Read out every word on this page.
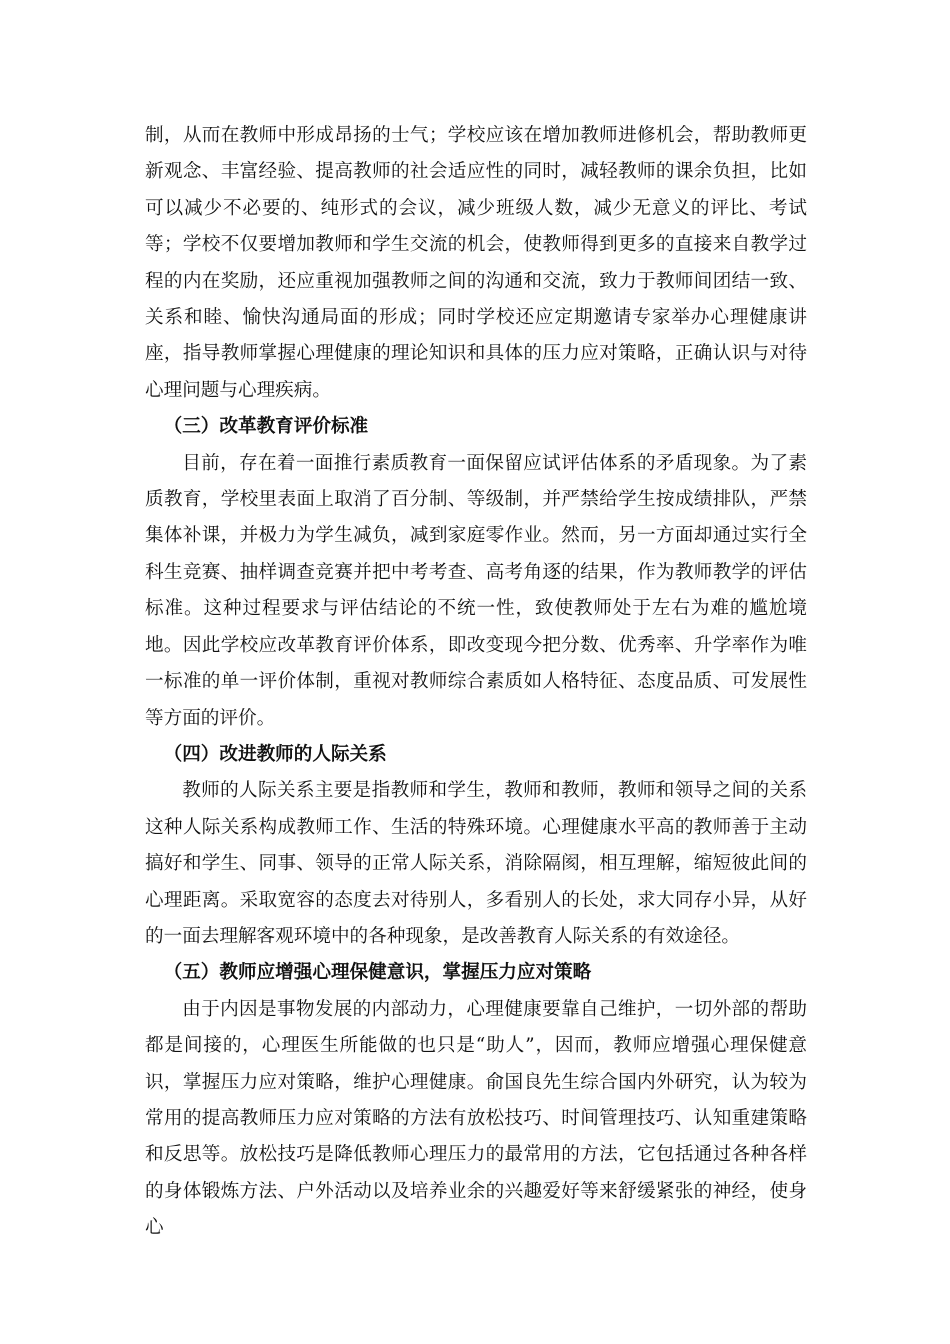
制，从而在教师中形成昂扬的士气；学校应该在增加教师进修机会，帮助教师更新观念、丰富经验、提高教师的社会适应性的同时，减轻教师的课余负担，比如可以减少不必要的、纯形式的会议，减少班级人数，减少无意义的评比、考试等；学校不仅要增加教师和学生交流的机会，使教师得到更多的直接来自教学过程的内在奖励，还应重视加强教师之间的沟通和交流，致力于教师间团结一致、关系和睦、愉快沟通局面的形成；同时学校还应定期邀请专家举办心理健康讲座，指导教师掌握心理健康的理论知识和具体的压力应对策略，正确认识与对待心理问题与心理疾病。

（三）改革教育评价标准

目前，存在着一面推行素质教育一面保留应试评估体系的矛盾现象。为了素质教育，学校里表面上取消了百分制、等级制，并严禁给学生按成绩排队，严禁集体补课，并极力为学生减负，减到家庭零作业。然而，另一方面却通过实行全科生竞赛、抽样调查竞赛并把中考考查、高考角逐的结果，作为教师教学的评估标准。这种过程要求与评估结论的不统一性，致使教师处于左右为难的尴尬境地。因此学校应改革教育评价体系，即改变现今把分数、优秀率、升学率作为唯一标准的单一评价体制，重视对教师综合素质如人格特征、态度品质、可发展性等方面的评价。

（四）改进教师的人际关系

教师的人际关系主要是指教师和学生，教师和教师，教师和领导之间的关系这种人际关系构成教师工作、生活的特殊环境。心理健康水平高的教师善于主动搞好和学生、同事、领导的正常人际关系，消除隔阂，相互理解，缩短彼此间的心理距离。采取宽容的态度去对待别人，多看别人的长处，求大同存小异，从好的一面去理解客观环境中的各种现象，是改善教育人际关系的有效途径。

（五）教师应增强心理保健意识，掌握压力应对策略

由于内因是事物发展的内部动力，心理健康要靠自己维护，一切外部的帮助都是间接的，心理医生所能做的也只是“助人”，因而，教师应增强心理保健意识，掌握压力应对策略，维护心理健康。俞国良先生综合国内外研究，认为较为常用的提高教师压力应对策略的方法有放松技巧、时间管理技巧、认知重建策略和反思等。放松技巧是降低教师心理压力的最常用的方法，它包括通过各种各样的身体锻炼方法、户外活动以及培养业余的兴趣爱好等来舒缓紧张的神经，使身心
